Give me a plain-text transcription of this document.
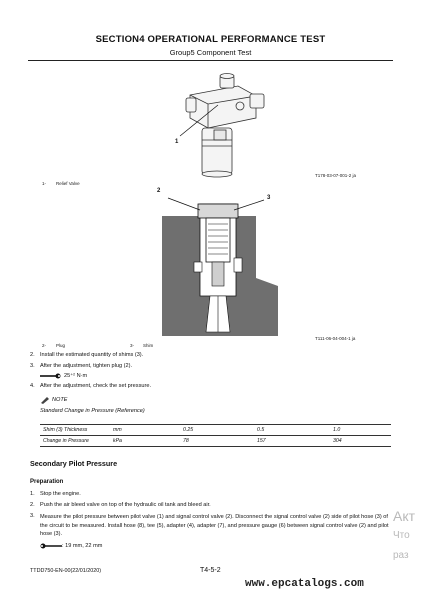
SECTION4 OPERATIONAL PERFORMANCE TEST
Group5 Component Test
1
T178-03-07-001-2 ja
1- Relief Valve
2
3
T111-06-04-004-1 ja
2- Plug	3- Shim
2. Install the estimated quantity of shims (3).
3. After the adjustment, tighten plug (2).
25⁺² N·m
4. After the adjustment, check the set pressure.
NOTE
Standard Change in Pressure (Reference)
Shim (3) Thickness	mm	0.25	0.5	1.0
Change in Pressure	kPa	78	157	304
Secondary Pilot Pressure
Preparation
1. Stop the engine.
2. Push the air bleed valve on top of the hydraulic oil tank and bleed air.
3. Measure the pilot pressure between pilot valve (1) and signal control valve (2). Disconnect the signal control valve (2) side of pilot hose (3) of the circuit to be measured. Install hose (8), tee (5), adapter (4), adapter (7), and pressure gauge (6) between signal control valve (2) and pilot hose (3).
: 19 mm, 22 mm
TTDD750-EN-00(22/01/2020)	T4-5-2
www.epcatalogs.com
Акт
Что
раз
